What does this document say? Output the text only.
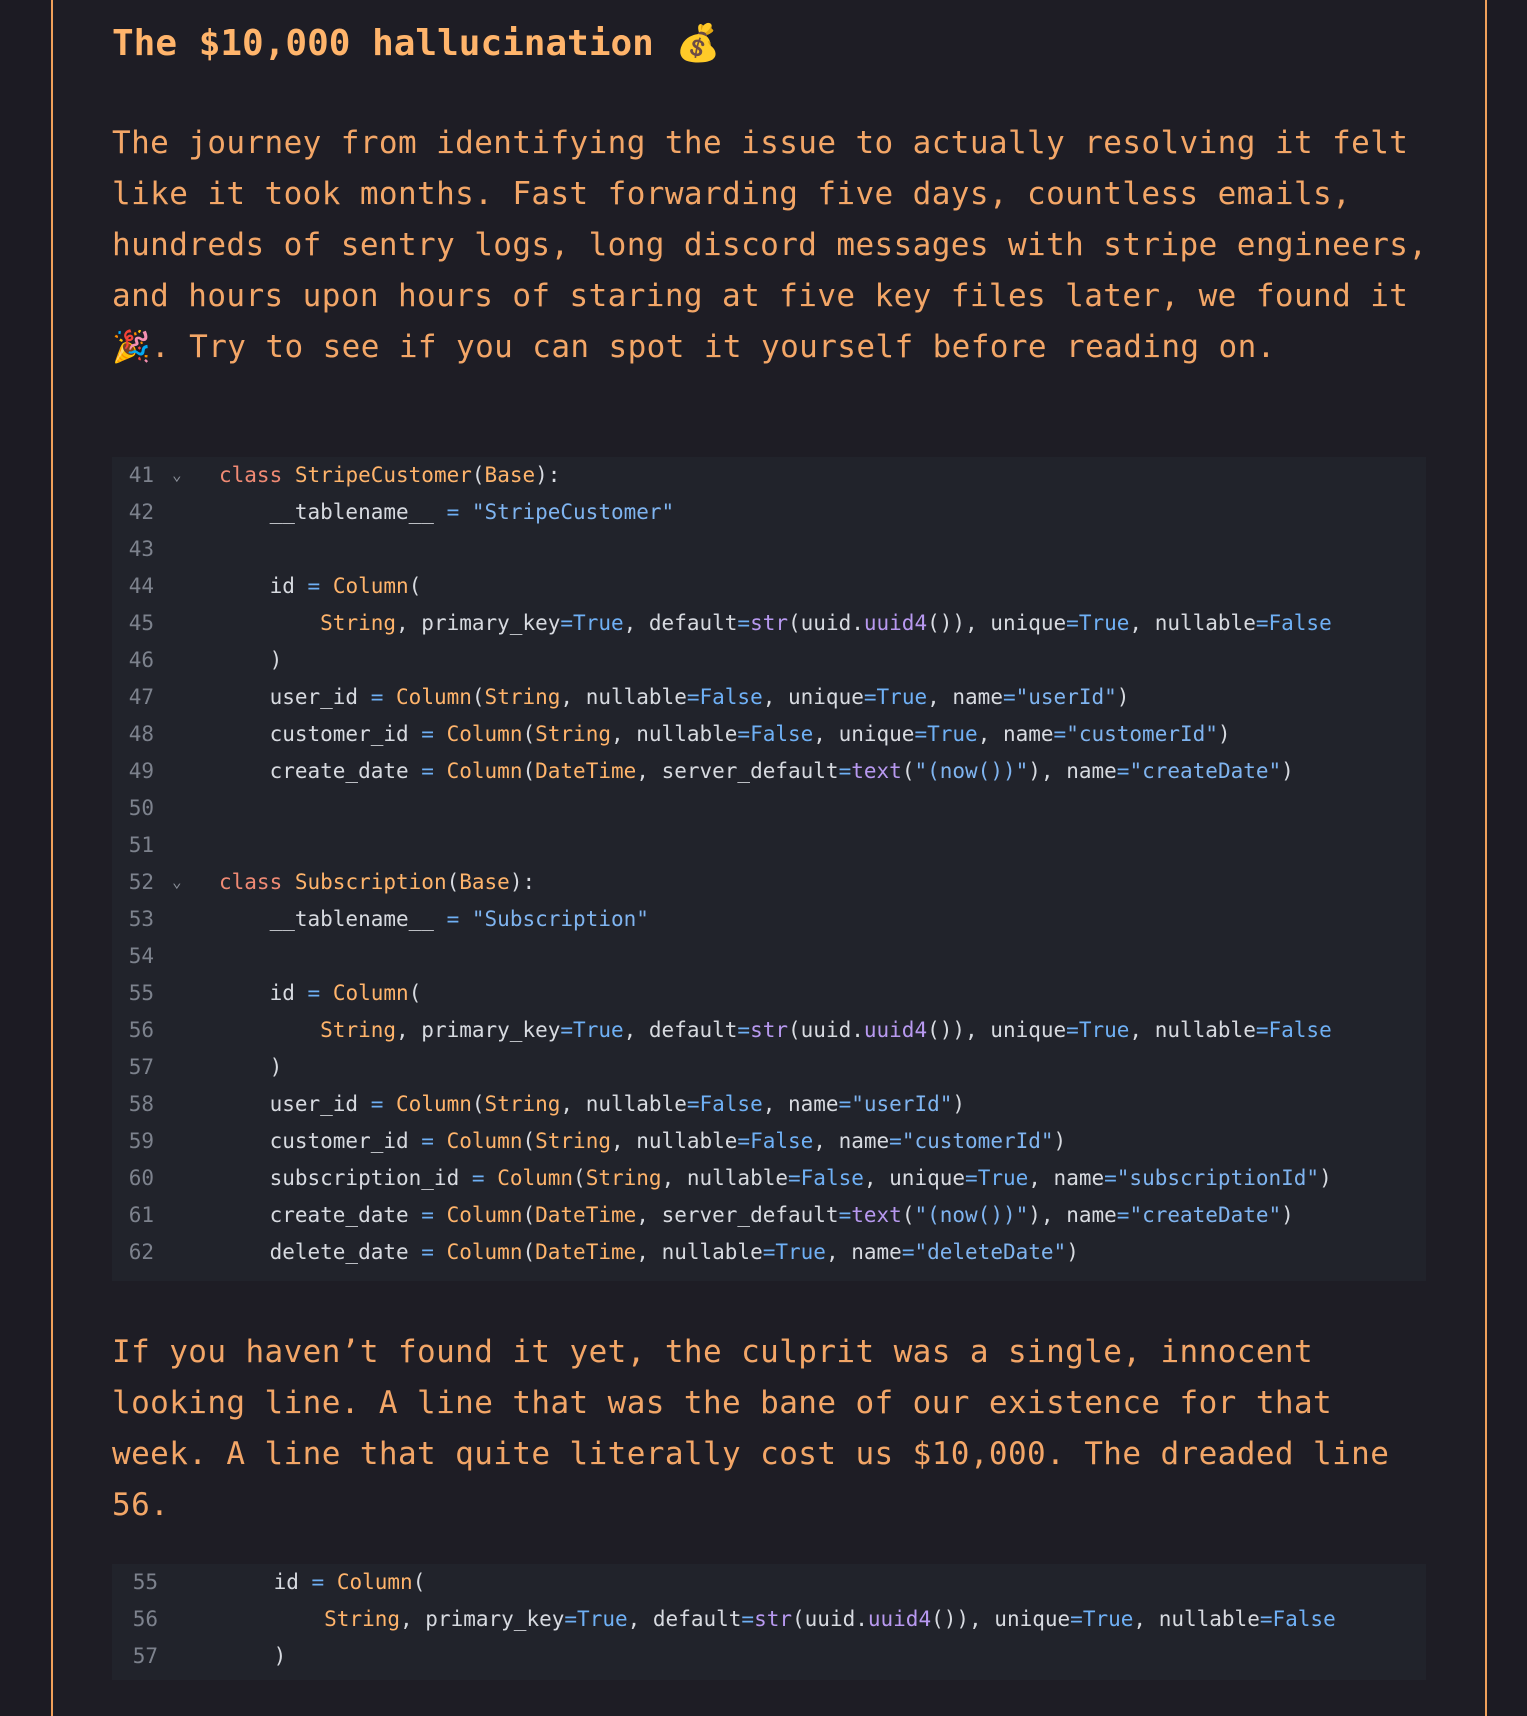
The $10,000 hallucination 💰

The journey from identifying the issue to actually resolving it felt like it took months. Fast forwarding five days, countless emails, hundreds of sentry logs, long discord messages with stripe engineers, and hours upon hours of staring at five key files later, we found it 🎉. Try to see if you can spot it yourself before reading on.

41 ⌄ class StripeCustomer(Base):
42	__tablename__ = "StripeCustomer"
43
44	id = Column(
45	String, primary_key=True, default=str(uuid.uuid4()), unique=True, nullable=False
46	)
47	user_id = Column(String, nullable=False, unique=True, name="userId")
48	customer_id = Column(String, nullable=False, unique=True, name="customerId")
49	create_date = Column(DateTime, server_default=text("(now())"), name="createDate")
50
51
52 ⌄ class Subscription(Base):
53	__tablename__ = "Subscription"
54
55	id = Column(
56	String, primary_key=True, default=str(uuid.uuid4()), unique=True, nullable=False
57	)
58	user_id = Column(String, nullable=False, name="userId")
59	customer_id = Column(String, nullable=False, name="customerId")
60	subscription_id = Column(String, nullable=False, unique=True, name="subscriptionId")
61	create_date = Column(DateTime, server_default=text("(now())"), name="createDate")
62	delete_date = Column(DateTime, nullable=True, name="deleteDate")

If you haven’t found it yet, the culprit was a single, innocent looking line. A line that was the bane of our existence for that week. A line that quite literally cost us $10,000. The dreaded line 56.

55	id = Column(
56	String, primary_key=True, default=str(uuid.uuid4()), unique=True, nullable=False
57	)
